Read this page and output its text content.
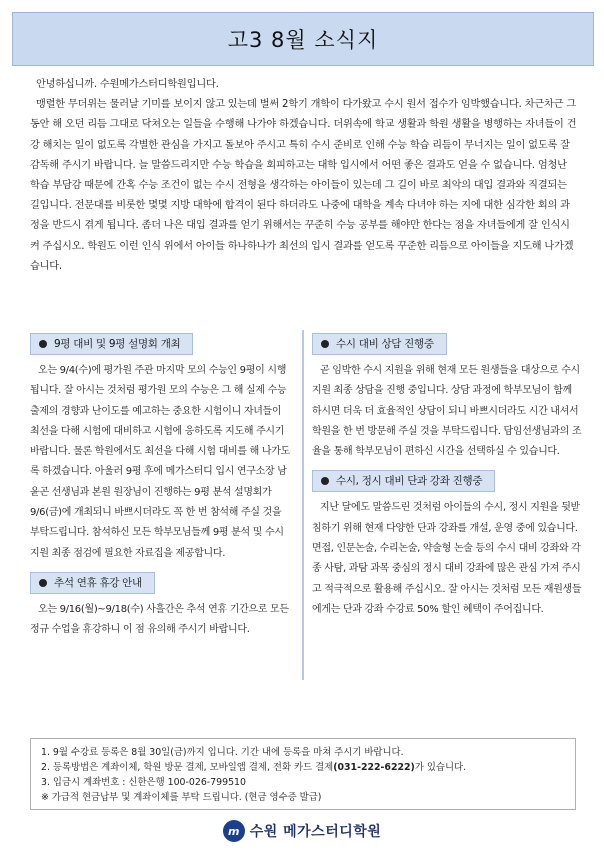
고3 8월 소식지

안녕하십니까. 수원메가스터디학원입니다.

맹렬한 무더위는 물러날 기미를 보이지 않고 있는데 벌써 2학기 개학이 다가왔고 수시 원서 접수가 임박했습니다. 차근차근 그 동안 해 오던 리듬 그대로 닥쳐오는 일들을 수행해 나가야 하겠습니다. 더위속에 학교 생활과 학원 생활을 병행하는 자녀들이 건강 해치는 일이 없도록 각별한 관심을 가지고 돌보아 주시고 특히 수시 준비로 인해 수능 학습 리듬이 무너지는 일이 없도록 잘 감독해 주시기 바랍니다. 늘 말씀드리지만 수능 학습을 회피하고는 대학 입시에서 어떤 좋은 결과도 얻을 수 없습니다. 엄청난 학습 부담감 때문에 간혹 수능 조건이 없는 수시 전형을 생각하는 아이들이 있는데 그 길이 바로 최악의 대입 결과와 직결되는 길입니다. 전문대를 비롯한 몇몇 지방 대학에 합격이 된다 하더라도 나중에 대학을 계속 다녀야 하는 지에 대한 심각한 회의 과정을 반드시 겪게 됩니다. 좀더 나은 대입 결과를 얻기 위해서는 꾸준히 수능 공부를 해야만 한다는 점을 자녀들에게 잘 인식시켜 주십시오. 학원도 이런 인식 위에서 아이들 하나하나가 최선의 입시 결과를 얻도록 꾸준한 리듬으로 아이들을 지도해 나가겠습니다.

9평 대비 및 9평 설명회 개최

오는 9/4(수)에 평가원 주관 마지막 모의 수능인 9평이 시행됩니다. 잘 아시는 것처럼 평가원 모의 수능은 그 해 실제 수능 출제의 경향과 난이도를 예고하는 중요한 시험이니 자녀들이 최선을 다해 시험에 대비하고 시험에 응하도록 지도해 주시기 바랍니다. 물론 학원에서도 최선을 다해 시험 대비를 해 나가도록 하겠습니다. 아울러 9평 후에 메가스터디 입시 연구소장 남윤곤 선생님과 본원 원장님이 진행하는 9평 분석 설명회가 9/6(금)에 개최되니 바쁘시더라도 꼭 한 번 참석해 주실 것을 부탁드립니다. 참석하신 모든 학부모님들께 9평 분석 및 수시 지원 최종 점검에 필요한 자료집을 제공합니다.

추석 연휴 휴강 안내

오는 9/16(월)~9/18(수) 사흘간은 추석 연휴 기간으로 모든 정규 수업을 휴강하니 이 점 유의해 주시기 바랍니다.

수시 대비 상담 진행중

곧 임박한 수시 지원을 위해 현재 모든 원생들을 대상으로 수시 지원 최종 상담을 진행 중입니다. 상담 과정에 학부모님이 함께 하시면 더욱 더 효율적인 상담이 되니 바쁘시더라도 시간 내셔서 학원을 한 번 방문해 주실 것을 부탁드립니다. 담임선생님과의 조율을 통해 학부모님이 편하신 시간을 선택하실 수 있습니다.

수시, 정시 대비 단과 강좌 진행중

지난 달에도 말씀드린 것처럼 아이들의 수시, 정시 지원을 뒷받침하기 위해 현재 다양한 단과 강좌를 개설, 운영 중에 있습니다. 면접, 인문논술, 수리논술, 약술형 논술 등의 수시 대비 강좌와 각종 사탐, 과탐 과목 중심의 정시 대비 강좌에 많은 관심 가져 주시고 적극적으로 활용해 주십시오. 잘 아시는 것처럼 모든 재원생들에게는 단과 강좌 수강료 50% 할인 혜택이 주어집니다.

1. 9월 수강료 등록은 8월 30일(금)까지 입니다. 기간 내에 등록을 마쳐 주시기 바랍니다.
2. 등록방법은 계좌이체, 학원 방문 결제, 모바일앱 결제, 전화 카드 결제(031-222-6222)가 있습니다.
3. 입금시 계좌번호 : 신한은행 100-026-799510
※ 가급적 현금납부 및 계좌이체를 부탁 드립니다. (현금 영수증 발급)
m 수원 메가스터디학원
